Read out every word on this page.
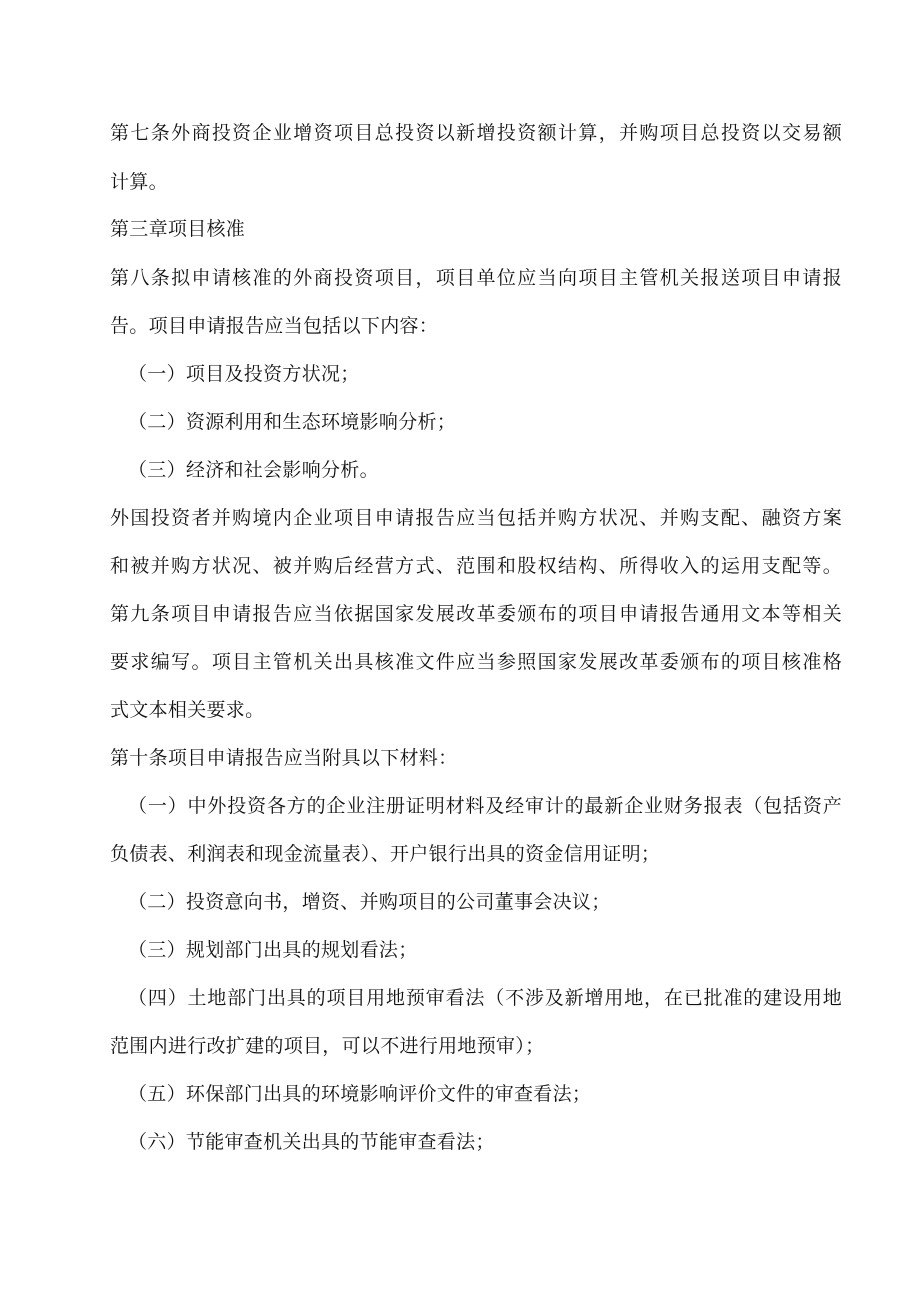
第七条外商投资企业增资项目总投资以新增投资额计算，并购项目总投资以交易额
计算。
第三章项目核准
第八条拟申请核准的外商投资项目，项目单位应当向项目主管机关报送项目申请报
告。项目申请报告应当包括以下内容：
（一）项目及投资方状况；
（二）资源利用和生态环境影响分析；
（三）经济和社会影响分析。
外国投资者并购境内企业项目申请报告应当包括并购方状况、并购支配、融资方案
和被并购方状况、被并购后经营方式、范围和股权结构、所得收入的运用支配等。
第九条项目申请报告应当依据国家发展改革委颁布的项目申请报告通用文本等相关
要求编写。项目主管机关出具核准文件应当参照国家发展改革委颁布的项目核准格
式文本相关要求。
第十条项目申请报告应当附具以下材料：
（一）中外投资各方的企业注册证明材料及经审计的最新企业财务报表（包括资产
负债表、利润表和现金流量表）、开户银行出具的资金信用证明；
（二）投资意向书，增资、并购项目的公司董事会决议；
（三）规划部门出具的规划看法；
（四）土地部门出具的项目用地预审看法（不涉及新增用地，在已批准的建设用地
范围内进行改扩建的项目，可以不进行用地预审）；
（五）环保部门出具的环境影响评价文件的审查看法；
（六）节能审查机关出具的节能审查看法；
